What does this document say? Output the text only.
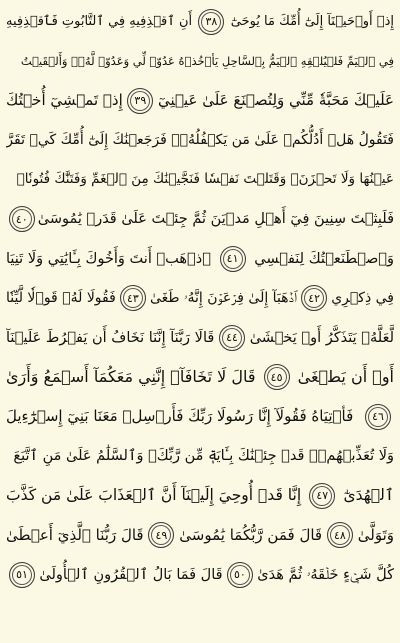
إِذۡ أَوۡحَيۡنَآ إِلَىٰٓ أُمِّكَ مَا يُوحَىٰٓ
٣٨
أَنِ ٱقۡذِفِيهِ فِي ٱلتَّابُوتِ فَٱقۡذِفِيهِ
فِي ٱلۡيَمِّ فَلۡيُلۡقِهِ ٱلۡيَمُّ بِٱلسَّاحِلِ يَأۡخُذۡهُ عَدُوّٞ لِّي وَعَدُوّٞ لَّهُۥۚ وَأَلۡقَيۡتُ
عَلَيۡكَ مَحَبَّةٗ مِّنِّي وَلِتُصۡنَعَ عَلَىٰ عَيۡنِيٓ
٣٩
إِذۡ تَمۡشِيٓ أُخۡتُكَ
فَتَقُولُ هَلۡ أَدُلُّكُمۡ عَلَىٰ مَن يَكۡفُلُهُۥۖ فَرَجَعۡنَٰكَ إِلَىٰٓ أُمِّكَ كَيۡ تَقَرَّ
عَيۡنُهَا وَلَا تَحۡزَنَۚ وَقَتَلۡتَ نَفۡسٗا فَنَجَّيۡنَٰكَ مِنَ ٱلۡغَمِّ وَفَتَنَّٰكَ فُتُونٗاۚ
فَلَبِثۡتَ سِنِينَ فِيٓ أَهۡلِ مَدۡيَنَ ثُمَّ جِئۡتَ عَلَىٰ قَدَرٖ يَٰمُوسَىٰ
٤٠
وَٱصۡطَنَعۡتُكَ لِنَفۡسِي
٤١
ٱذۡهَبۡ أَنتَ وَأَخُوكَ بِـَٔايَٰتِي وَلَا تَنِيَا
فِي ذِكۡرِي
٤٢
ٱذۡهَبَآ إِلَىٰ فِرۡعَوۡنَ إِنَّهُۥ طَغَىٰ
٤٣
فَقُولَا لَهُۥ قَوۡلٗا لَّيِّنٗا
لَّعَلَّهُۥ يَتَذَكَّرُ أَوۡ يَخۡشَىٰ
٤٤
قَالَا رَبَّنَآ إِنَّنَا نَخَافُ أَن يَفۡرُطَ عَلَيۡنَآ
أَوۡ أَن يَطۡغَىٰ
٤٥
قَالَ لَا تَخَافَآۖ إِنَّنِي مَعَكُمَآ أَسۡمَعُ وَأَرَىٰ
٤٦
فَأۡتِيَاهُ فَقُولَآ إِنَّا رَسُولَا رَبِّكَ فَأَرۡسِلۡ مَعَنَا بَنِيٓ إِسۡرَٰٓءِيلَ
وَلَا تُعَذِّبۡهُمۡۖ قَدۡ جِئۡنَٰكَ بِـَٔايَةٖ مِّن رَّبِّكَۖ وَٱلسَّلَٰمُ عَلَىٰ مَنِ ٱتَّبَعَ
ٱلۡهُدَىٰٓ
٤٧
إِنَّا قَدۡ أُوحِيَ إِلَيۡنَآ أَنَّ ٱلۡعَذَابَ عَلَىٰ مَن كَذَّبَ
وَتَوَلَّىٰ
٤٨
قَالَ فَمَن رَّبُّكُمَا يَٰمُوسَىٰ
٤٩
قَالَ رَبُّنَا ٱلَّذِيٓ أَعۡطَىٰ
كُلَّ شَيۡءٍ خَلۡقَهُۥ ثُمَّ هَدَىٰ
٥٠
قَالَ فَمَا بَالُ ٱلۡقُرُونِ ٱلۡأُولَىٰ
٥١
